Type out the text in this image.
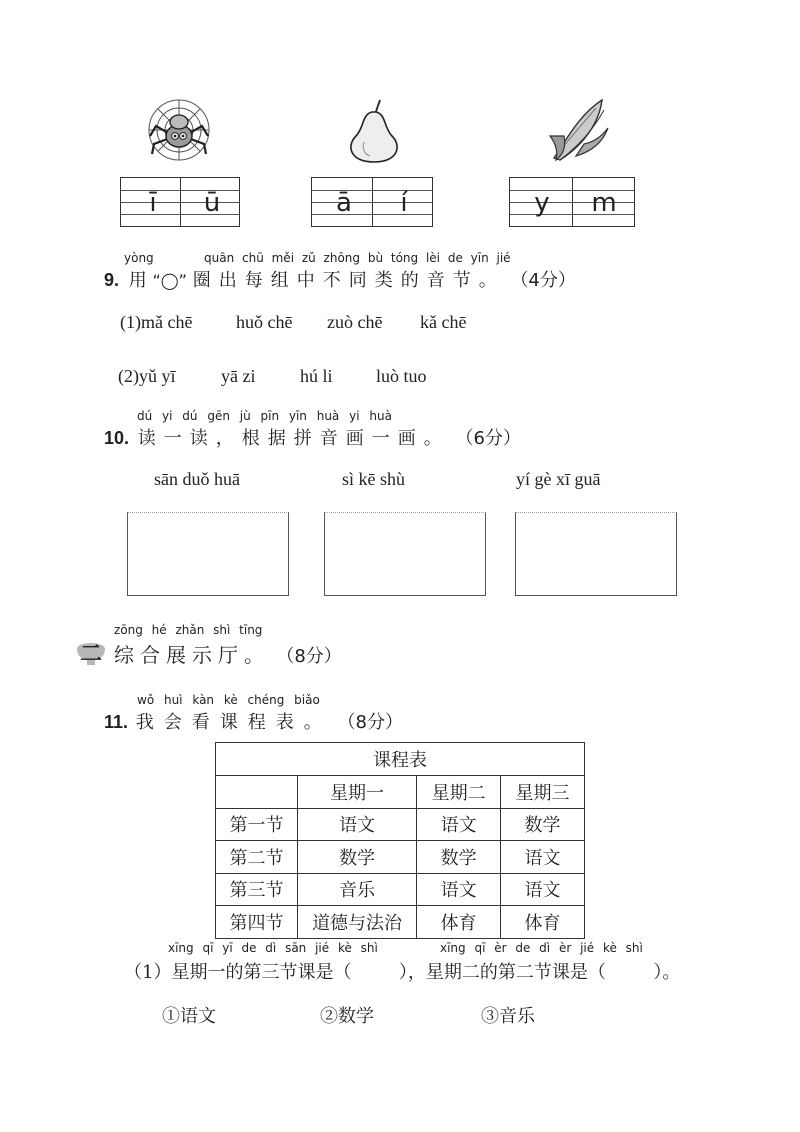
ī	ū	ā	í	y	m
yòng	quān chū měi zǔ zhōng bù tóng lèi de yīn jié
9. 用 “◯” 圈出每组中不同类的音节。 （4分）
(1)mǎ chē huǒ chē zuò chē kǎ chē
(2)yǔ yī	yā zi hú li luò tuo
dú yi dú gēn jù pīn yīn huà yi huà
10. 读一读，根据拼音画一画。 （6分）
sān duǒ huā	sì kē shù	yí gè xī guā
zōng hé zhǎn shì tīng
二 综合展示厅。 （8分）
wǒ huì kàn kè chéng biǎo
11. 我会看课程表。 （8分）
课程表			
	星期一	星期二	星期三
第一节	语文	语文	数学
第二节	数学	数学	语文
第三节	音乐	语文	语文
第四节	道德与法治	体育	体育
xīng qī yī de dì sān jié kè shì	xīng qī èr de dì èr jié kè shì
（1）星期一的第三节课是（	），星期二的第二节课是（	）。
①语文	②数学	③音乐
